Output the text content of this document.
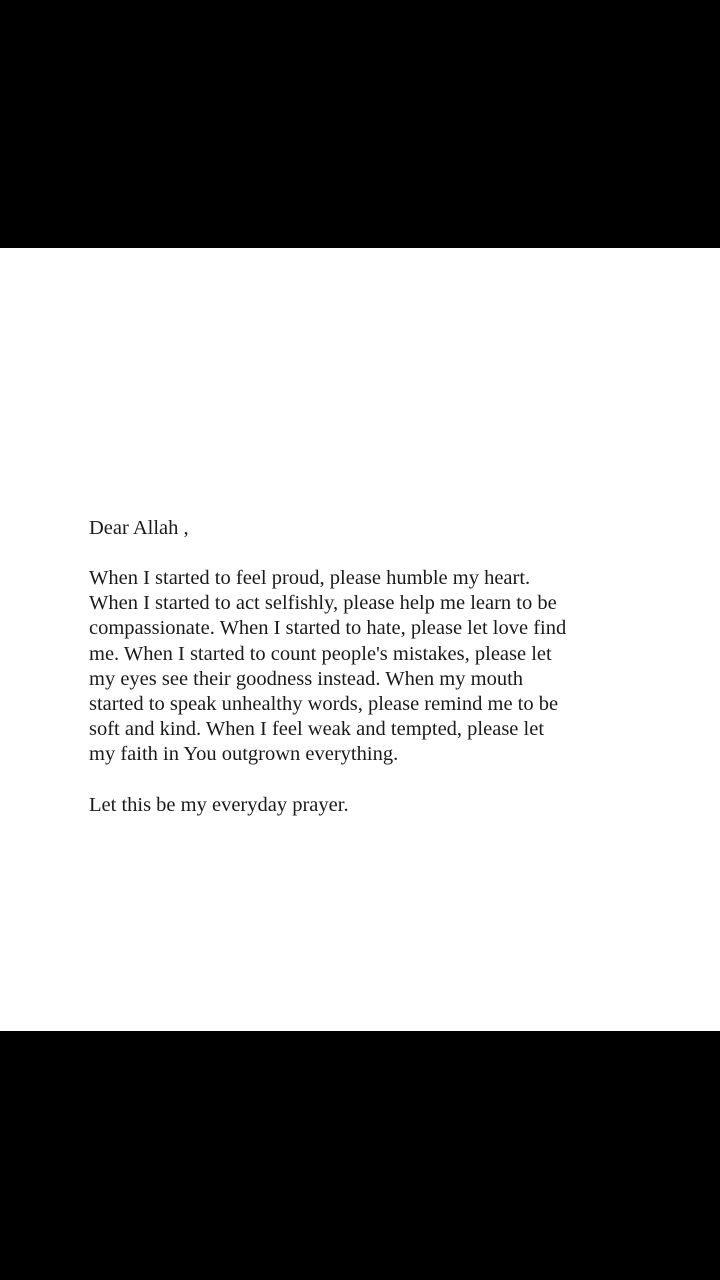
Dear Allah ,

When I started to feel proud, please humble my heart.
When I started to act selfishly, please help me learn to be
compassionate. When I started to hate, please let love find
me. When I started to count people's mistakes, please let
my eyes see their goodness instead. When my mouth
started to speak unhealthy words, please remind me to be
soft and kind. When I feel weak and tempted, please let
my faith in You outgrown everything.

Let this be my everyday prayer.
